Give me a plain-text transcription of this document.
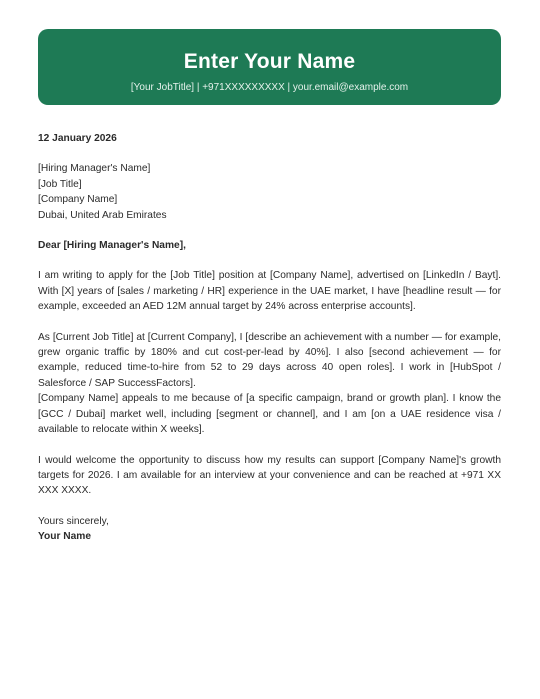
Enter Your Name
[Your JobTitle] | +971XXXXXXXXX | your.email@example.com
12 January 2026
[Hiring Manager's Name]
[Job Title]
[Company Name]
Dubai, United Arab Emirates
Dear [Hiring Manager's Name],

I am writing to apply for the [Job Title] position at [Company Name], advertised on [LinkedIn / Bayt]. With [X] years of [sales / marketing / HR] experience in the UAE market, I have [headline result — for example, exceeded an AED 12M annual target by 24% across enterprise accounts].

As [Current Job Title] at [Current Company], I [describe an achievement with a number — for example, grew organic traffic by 180% and cut cost-per-lead by 40%]. I also [second achievement — for example, reduced time-to-hire from 52 to 29 days across 40 open roles]. I work in [HubSpot / Salesforce / SAP SuccessFactors].

[Company Name] appeals to me because of [a specific campaign, brand or growth plan]. I know the [GCC / Dubai] market well, including [segment or channel], and I am [on a UAE residence visa / available to relocate within X weeks].

I would welcome the opportunity to discuss how my results can support [Company Name]'s growth targets for 2026. I am available for an interview at your convenience and can be reached at +971 XX XXX XXXX.

Yours sincerely,
Your Name
